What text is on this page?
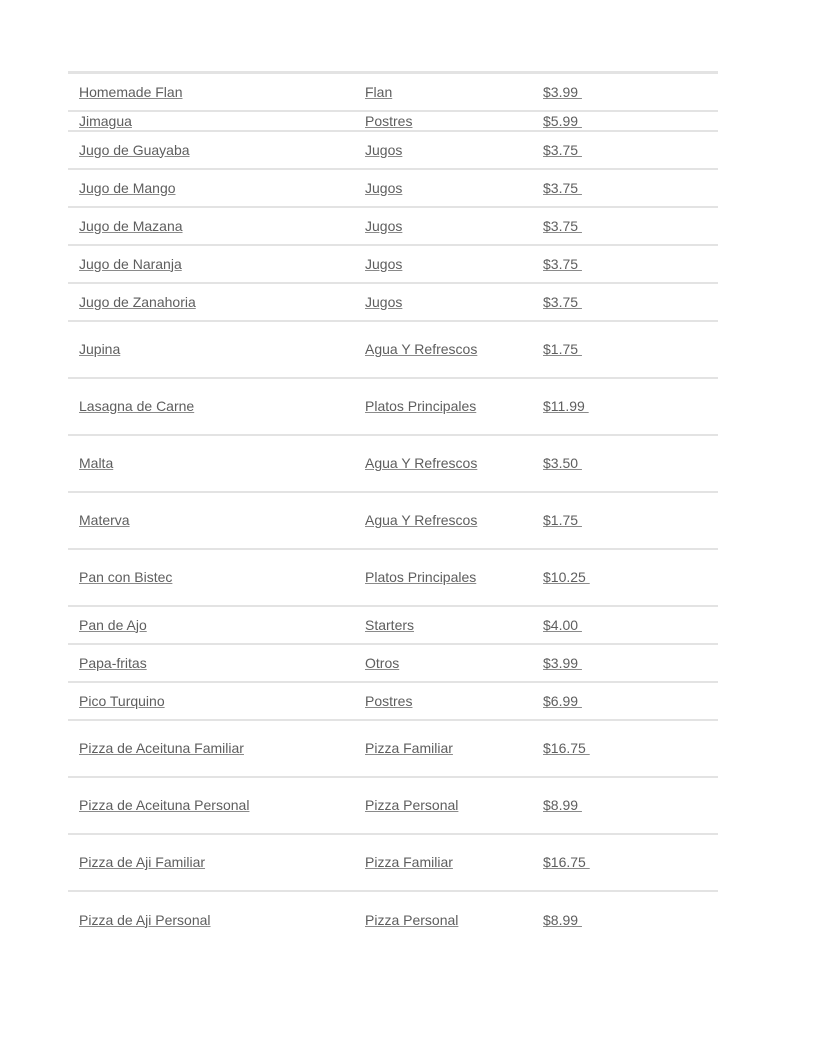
Homemade Flan	Flan	$3.99
Jimagua	Postres	$5.99
Jugo de Guayaba	Jugos	$3.75
Jugo de Mango	Jugos	$3.75
Jugo de Mazana	Jugos	$3.75
Jugo de Naranja	Jugos	$3.75
Jugo de Zanahoria	Jugos	$3.75
Jupina	Agua Y Refrescos	$1.75
Lasagna de Carne	Platos Principales	$11.99
Malta	Agua Y Refrescos	$3.50
Materva	Agua Y Refrescos	$1.75
Pan con Bistec	Platos Principales	$10.25
Pan de Ajo	Starters	$4.00
Papa-fritas	Otros	$3.99
Pico Turquino	Postres	$6.99
Pizza de Aceituna Familiar	Pizza Familiar	$16.75
Pizza de Aceituna Personal	Pizza Personal	$8.99
Pizza de Aji Familiar	Pizza Familiar	$16.75
Pizza de Aji Personal	Pizza Personal	$8.99
